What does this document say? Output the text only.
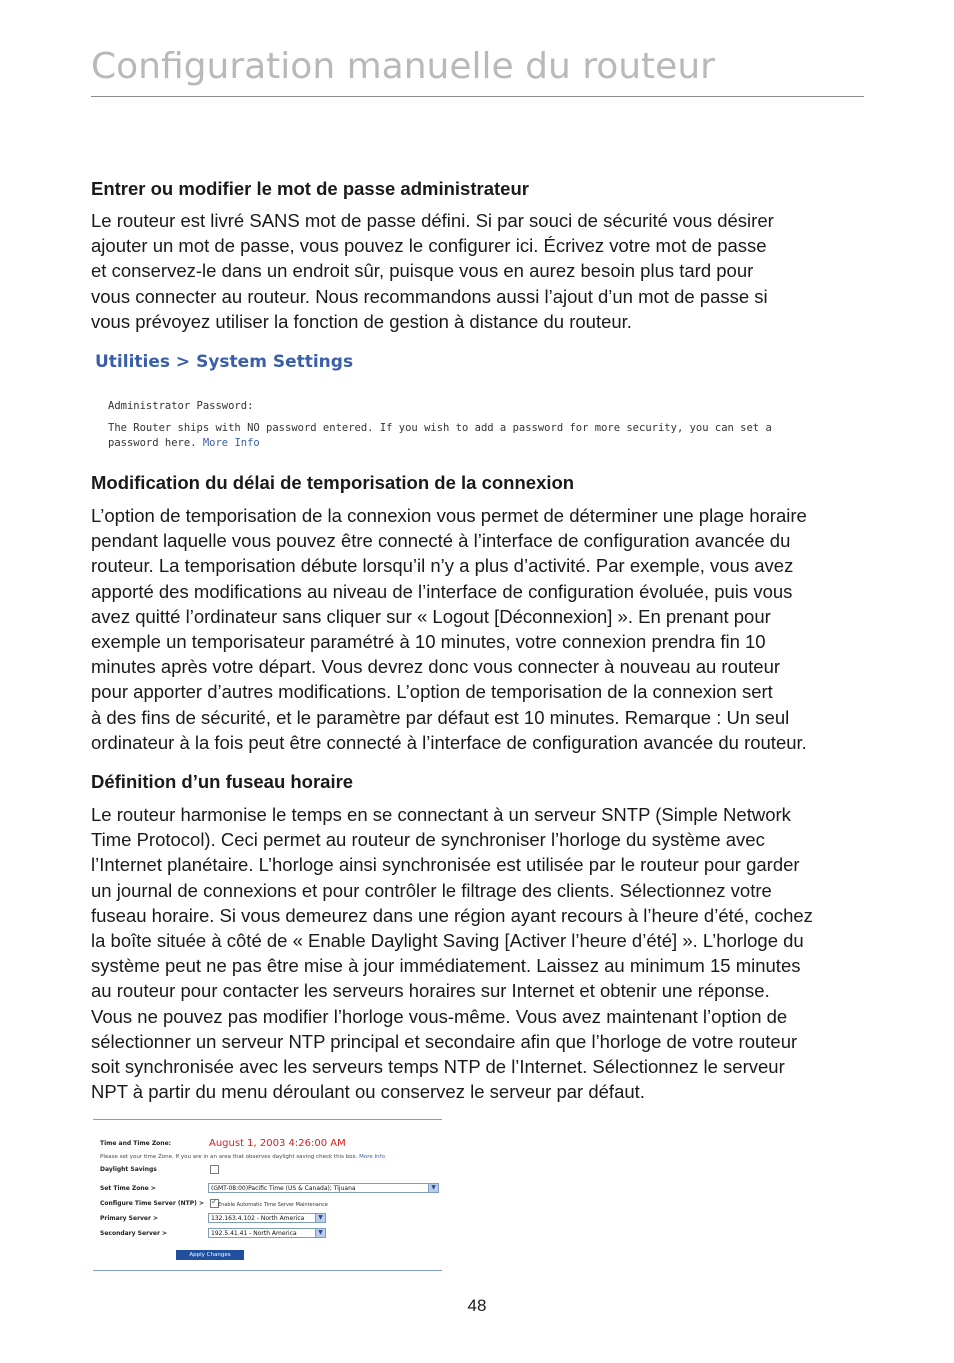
Configuration manuelle du routeur
Entrer ou modifier le mot de passe administrateur
Le routeur est livré SANS mot de passe défini. Si par souci de sécurité vous désirer
ajouter un mot de passe, vous pouvez le configurer ici. Écrivez votre mot de passe
et conservez-le dans un endroit sûr, puisque vous en aurez besoin plus tard pour
vous connecter au routeur. Nous recommandons aussi l’ajout d’un mot de passe si
vous prévoyez utiliser la fonction de gestion à distance du routeur.
Utilities > System Settings
Administrator Password:
The Router ships with NO password entered. If you wish to add a password for more security, you can set a
password here. More Info
Modification du délai de temporisation de la connexion
L’option de temporisation de la connexion vous permet de déterminer une plage horaire
pendant laquelle vous pouvez être connecté à l’interface de configuration avancée du
routeur. La temporisation débute lorsqu’il n’y a plus d’activité. Par exemple, vous avez
apporté des modifications au niveau de l’interface de configuration évoluée, puis vous
avez quitté l’ordinateur sans cliquer sur « Logout [Déconnexion] ». En prenant pour
exemple un temporisateur paramétré à 10 minutes, votre connexion prendra fin 10
minutes après votre départ. Vous devrez donc vous connecter à nouveau au routeur
pour apporter d’autres modifications. L’option de temporisation de la connexion sert
à des fins de sécurité, et le paramètre par défaut est 10 minutes. Remarque : Un seul
ordinateur à la fois peut être connecté à l’interface de configuration avancée du routeur.
Définition d’un fuseau horaire
Le routeur harmonise le temps en se connectant à un serveur SNTP (Simple Network
Time Protocol). Ceci permet au routeur de synchroniser l’horloge du système avec
l’Internet planétaire. L’horloge ainsi synchronisée est utilisée par le routeur pour garder
un journal de connexions et pour contrôler le filtrage des clients. Sélectionnez votre
fuseau horaire. Si vous demeurez dans une région ayant recours à l’heure d’été, cochez
la boîte située à côté de « Enable Daylight Saving [Activer l’heure d’été] ». L’horloge du
système peut ne pas être mise à jour immédiatement. Laissez au minimum 15 minutes
au routeur pour contacter les serveurs horaires sur Internet et obtenir une réponse.
Vous ne pouvez pas modifier l’horloge vous-même. Vous avez maintenant l’option de
sélectionner un serveur NTP principal et secondaire afin que l’horloge de votre routeur
soit synchronisée avec les serveurs temps NTP de l’Internet. Sélectionnez le serveur
NPT à partir du menu déroulant ou conservez le serveur par défaut.
Time and Time Zone:	August 1, 2003 4:26:00 AM
Please set your time Zone. If you are in an area that observes daylight saving check this box. More Info
Daylight Savings
Set Time Zone >	(GMT-08:00)Pacific Time (US & Canada); Tijuana	▼
Configure Time Server (NTP) >
✓	Enable Automatic Time Server Maintenance
Primary Server >	132.163.4.102 - North America	▼
Secondary Server >	192.5.41.41 - North America	▼
Apply Changes
48
